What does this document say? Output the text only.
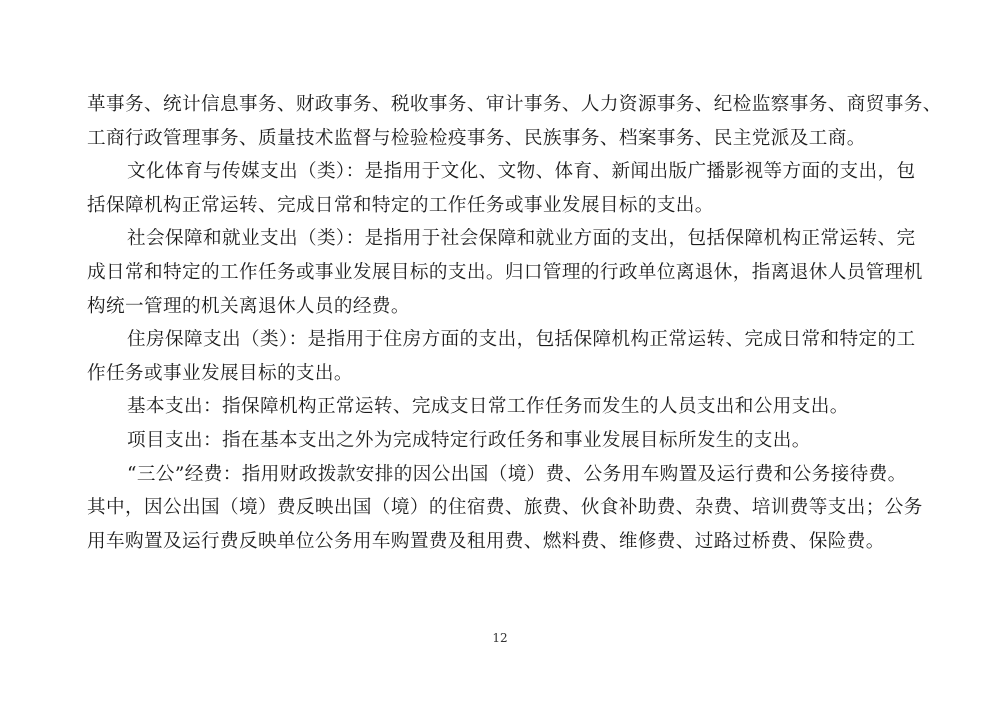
革事务、统计信息事务、财政事务、税收事务、审计事务、人力资源事务、纪检监察事务、商贸事务、
工商行政管理事务、质量技术监督与检验检疫事务、民族事务、档案事务、民主党派及工商。
文化体育与传媒支出（类）：是指用于文化、文物、体育、新闻出版广播影视等方面的支出，包
括保障机构正常运转、完成日常和特定的工作任务或事业发展目标的支出。
社会保障和就业支出（类）：是指用于社会保障和就业方面的支出，包括保障机构正常运转、完
成日常和特定的工作任务或事业发展目标的支出。归口管理的行政单位离退休，指离退休人员管理机
构统一管理的机关离退休人员的经费。
住房保障支出（类）：是指用于住房方面的支出，包括保障机构正常运转、完成日常和特定的工
作任务或事业发展目标的支出。
基本支出：指保障机构正常运转、完成支日常工作任务而发生的人员支出和公用支出。
项目支出：指在基本支出之外为完成特定行政任务和事业发展目标所发生的支出。
“三公”经费：指用财政拨款安排的因公出国（境）费、公务用车购置及运行费和公务接待费。
其中，因公出国（境）费反映出国（境）的住宿费、旅费、伙食补助费、杂费、培训费等支出；公务
用车购置及运行费反映单位公务用车购置费及租用费、燃料费、维修费、过路过桥费、保险费。
12
